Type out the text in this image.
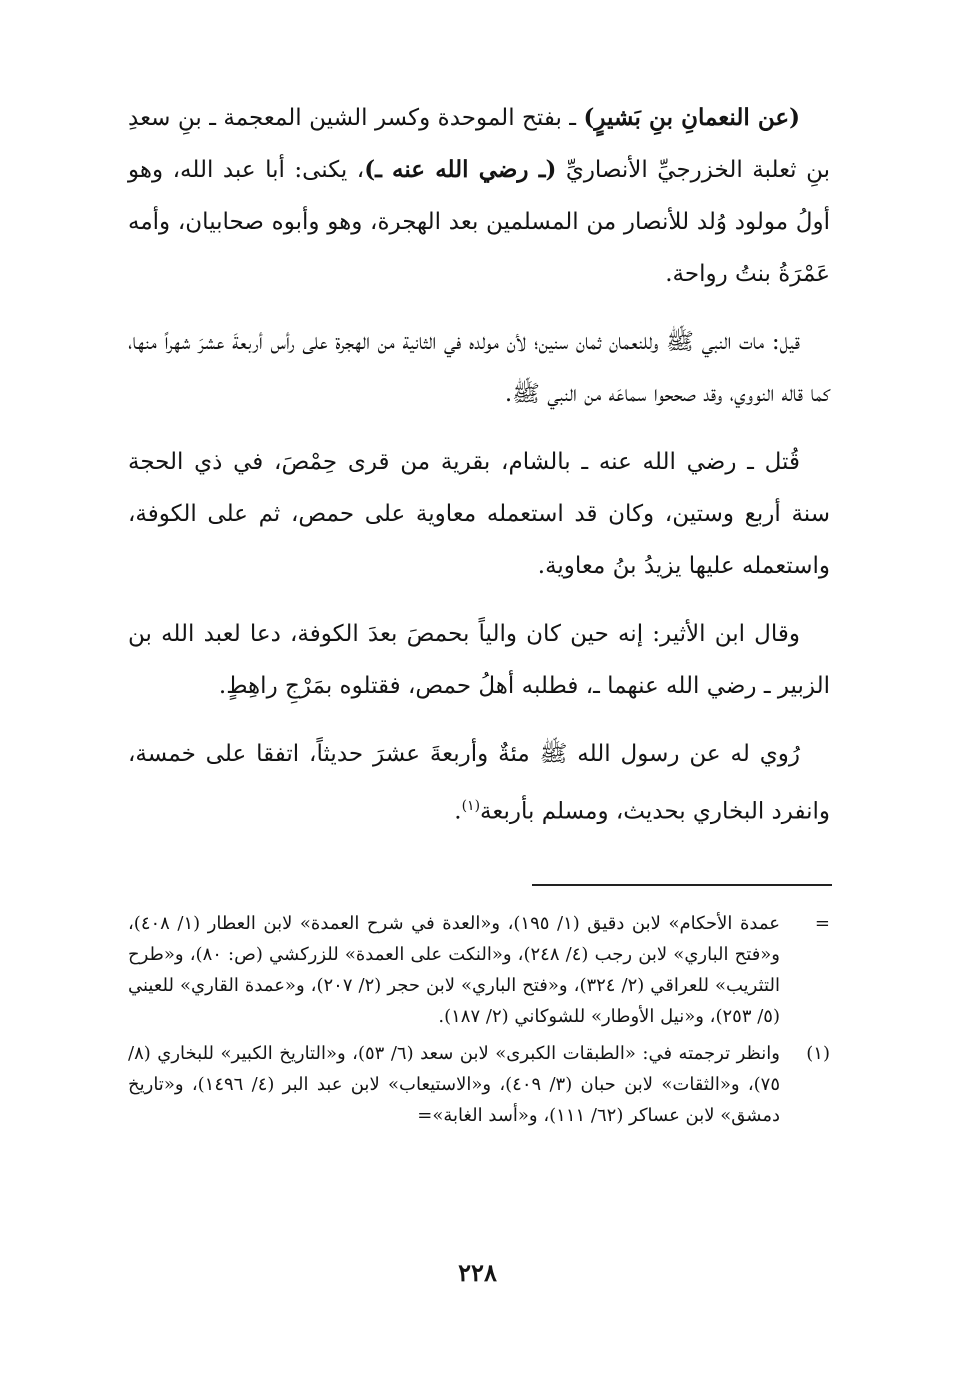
(عن النعمانِ بنِ بَشيرٍ) ـ بفتح الموحدة وكسر الشين المعجمة ـ بنِ سعدِ بنِ ثعلبة الخزرجيِّ الأنصاريِّ (ـ رضي الله عنه ـ)، يكنى: أبا عبد الله، وهو أولُ مولود وُلد للأنصار من المسلمين بعد الهجرة، وهو وأبوه صحابيان، وأمه عَمْرَةُ بنتُ رواحة.

قيل: مات النبي ﷺ وللنعمان ثمان سنين؛ لأن مولده في الثانية من الهجرة على رأس أربعةَ عشرَ شهراً منها، كما قاله النووي، وقد صححوا سماعَه من النبي ﷺ.

قُتل ـ رضي الله عنه ـ بالشام، بقرية من قرى حِمْصَ، في ذي الحجة سنة أربع وستين، وكان قد استعمله معاوية على حمص، ثم على الكوفة، واستعمله عليها يزيدُ بنُ معاوية.

وقال ابن الأثير: إنه حين كان والياً بحمصَ بعدَ الكوفة، دعا لعبد الله بن الزبير ـ رضي الله عنهما ـ، فطلبه أهلُ حمص، فقتلوه بمَرْجِ راهِطٍ.

رُوي له عن رسول الله ﷺ مئةٌ وأربعةَ عشرَ حديثاً، اتفقا على خمسة، وانفرد البخاري بحديث، ومسلم بأربعة$^{(١)}$.

=
عمدة الأحكام» لابن دقيق (١/ ١٩٥)، و«العدة في شرح العمدة» لابن العطار (١/ ٤٠٨)، و«فتح الباري» لابن رجب (٤/ ٢٤٨)، و«النكت على العمدة» للزركشي (ص: ٨٠)، و«طرح التثريب» للعراقي (٢/ ٣٢٤)، و«فتح الباري» لابن حجر (٢/ ٢٠٧)، و«عمدة القاري» للعيني (٥/ ٢٥٣)، و«نيل الأوطار» للشوكاني (٢/ ١٨٧).
(١)
وانظر ترجمته في: «الطبقات الكبرى» لابن سعد (٦/ ٥٣)، و«التاريخ الكبير» للبخاري (٨/ ٧٥)، و«الثقات» لابن حبان (٣/ ٤٠٩)، و«الاستيعاب» لابن عبد البر (٤/ ١٤٩٦)، و«تاريخ دمشق» لابن عساكر (٦٢/ ١١١)، و«أسد الغابة»=
٢٢٨
